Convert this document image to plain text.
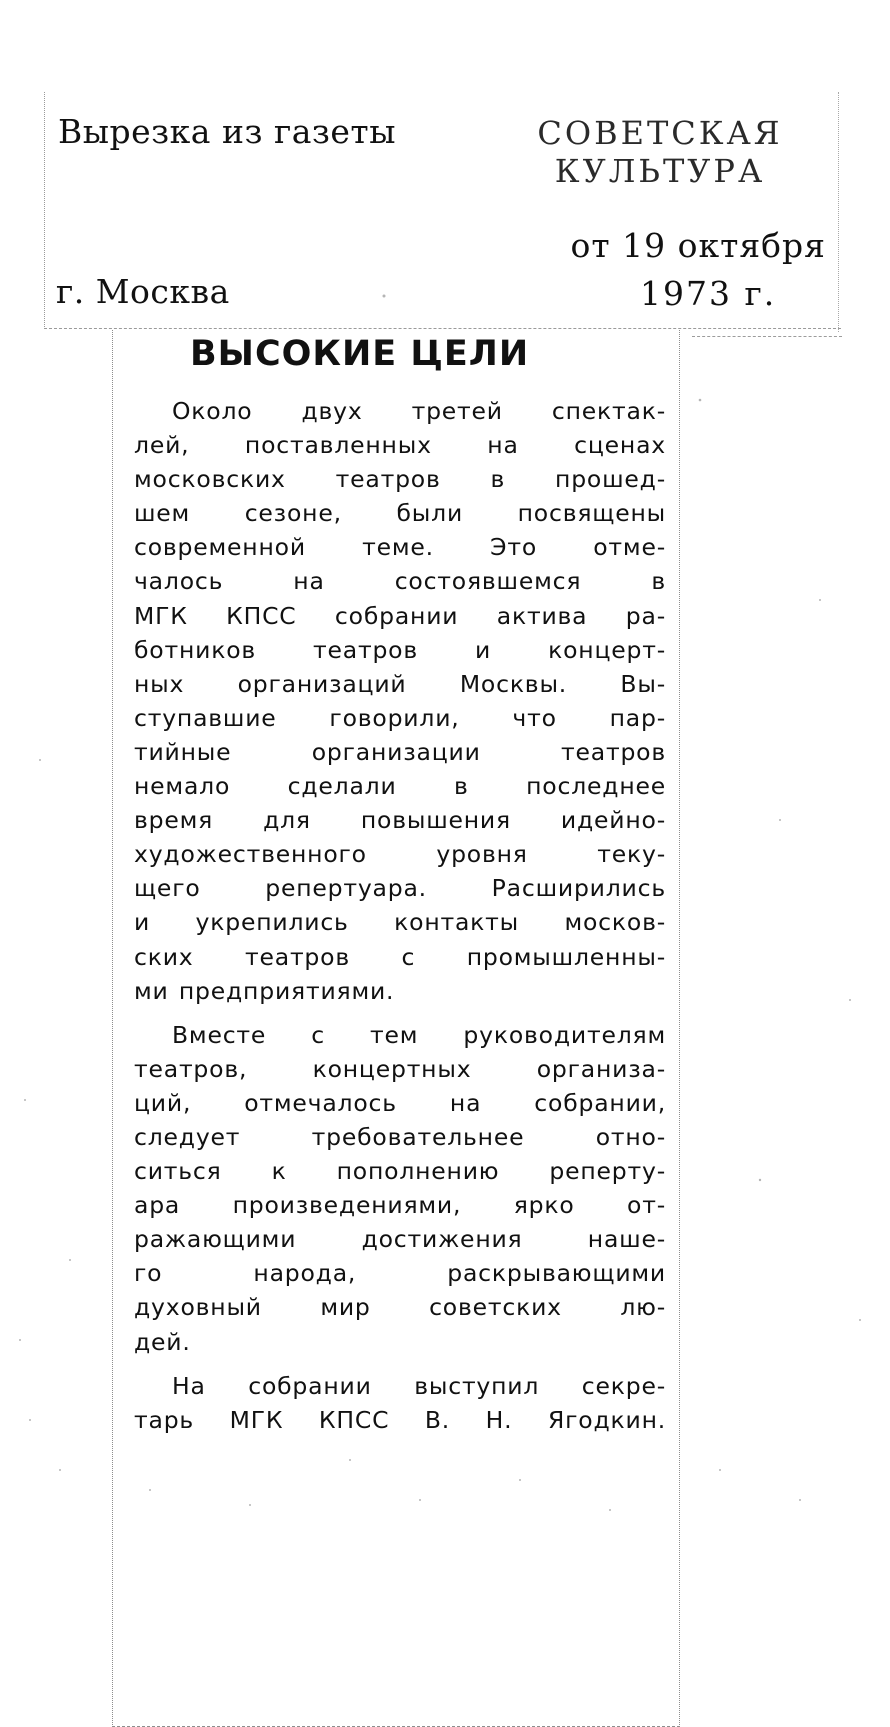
Вырезка из газеты	СОВЕТСКАЯ
КУЛЬТУРА
от 19 октября
г. Москва	1973 г.
ВЫСОКИЕ ЦЕЛИ

Около двух третей спектак-
лей, поставленных на сценах
московских театров в прошед-
шем сезоне, были посвящены
современной теме. Это отме-
чалось на состоявшемся в
МГК КПСС собрании актива ра-
ботников театров и концерт-
ных организаций Москвы. Вы-
ступавшие говорили, что пар-
тийные организации театров
немало сделали в последнее
время для повышения идейно-
художественного уровня теку-
щего репертуара. Расширились
и укрепились контакты москов-
ских театров с промышленны-
ми предприятиями.

Вместе с тем руководителям
театров, концертных организа-
ций, отмечалось на собрании,
следует требовательнее отно-
ситься к пополнению реперту-
ара произведениями, ярко от-
ражающими достижения наше-
го народа, раскрывающими
духовный мир советских лю-
дей.

На собрании выступил секре-
тарь МГК КПСС В. Н. Ягодкин.
